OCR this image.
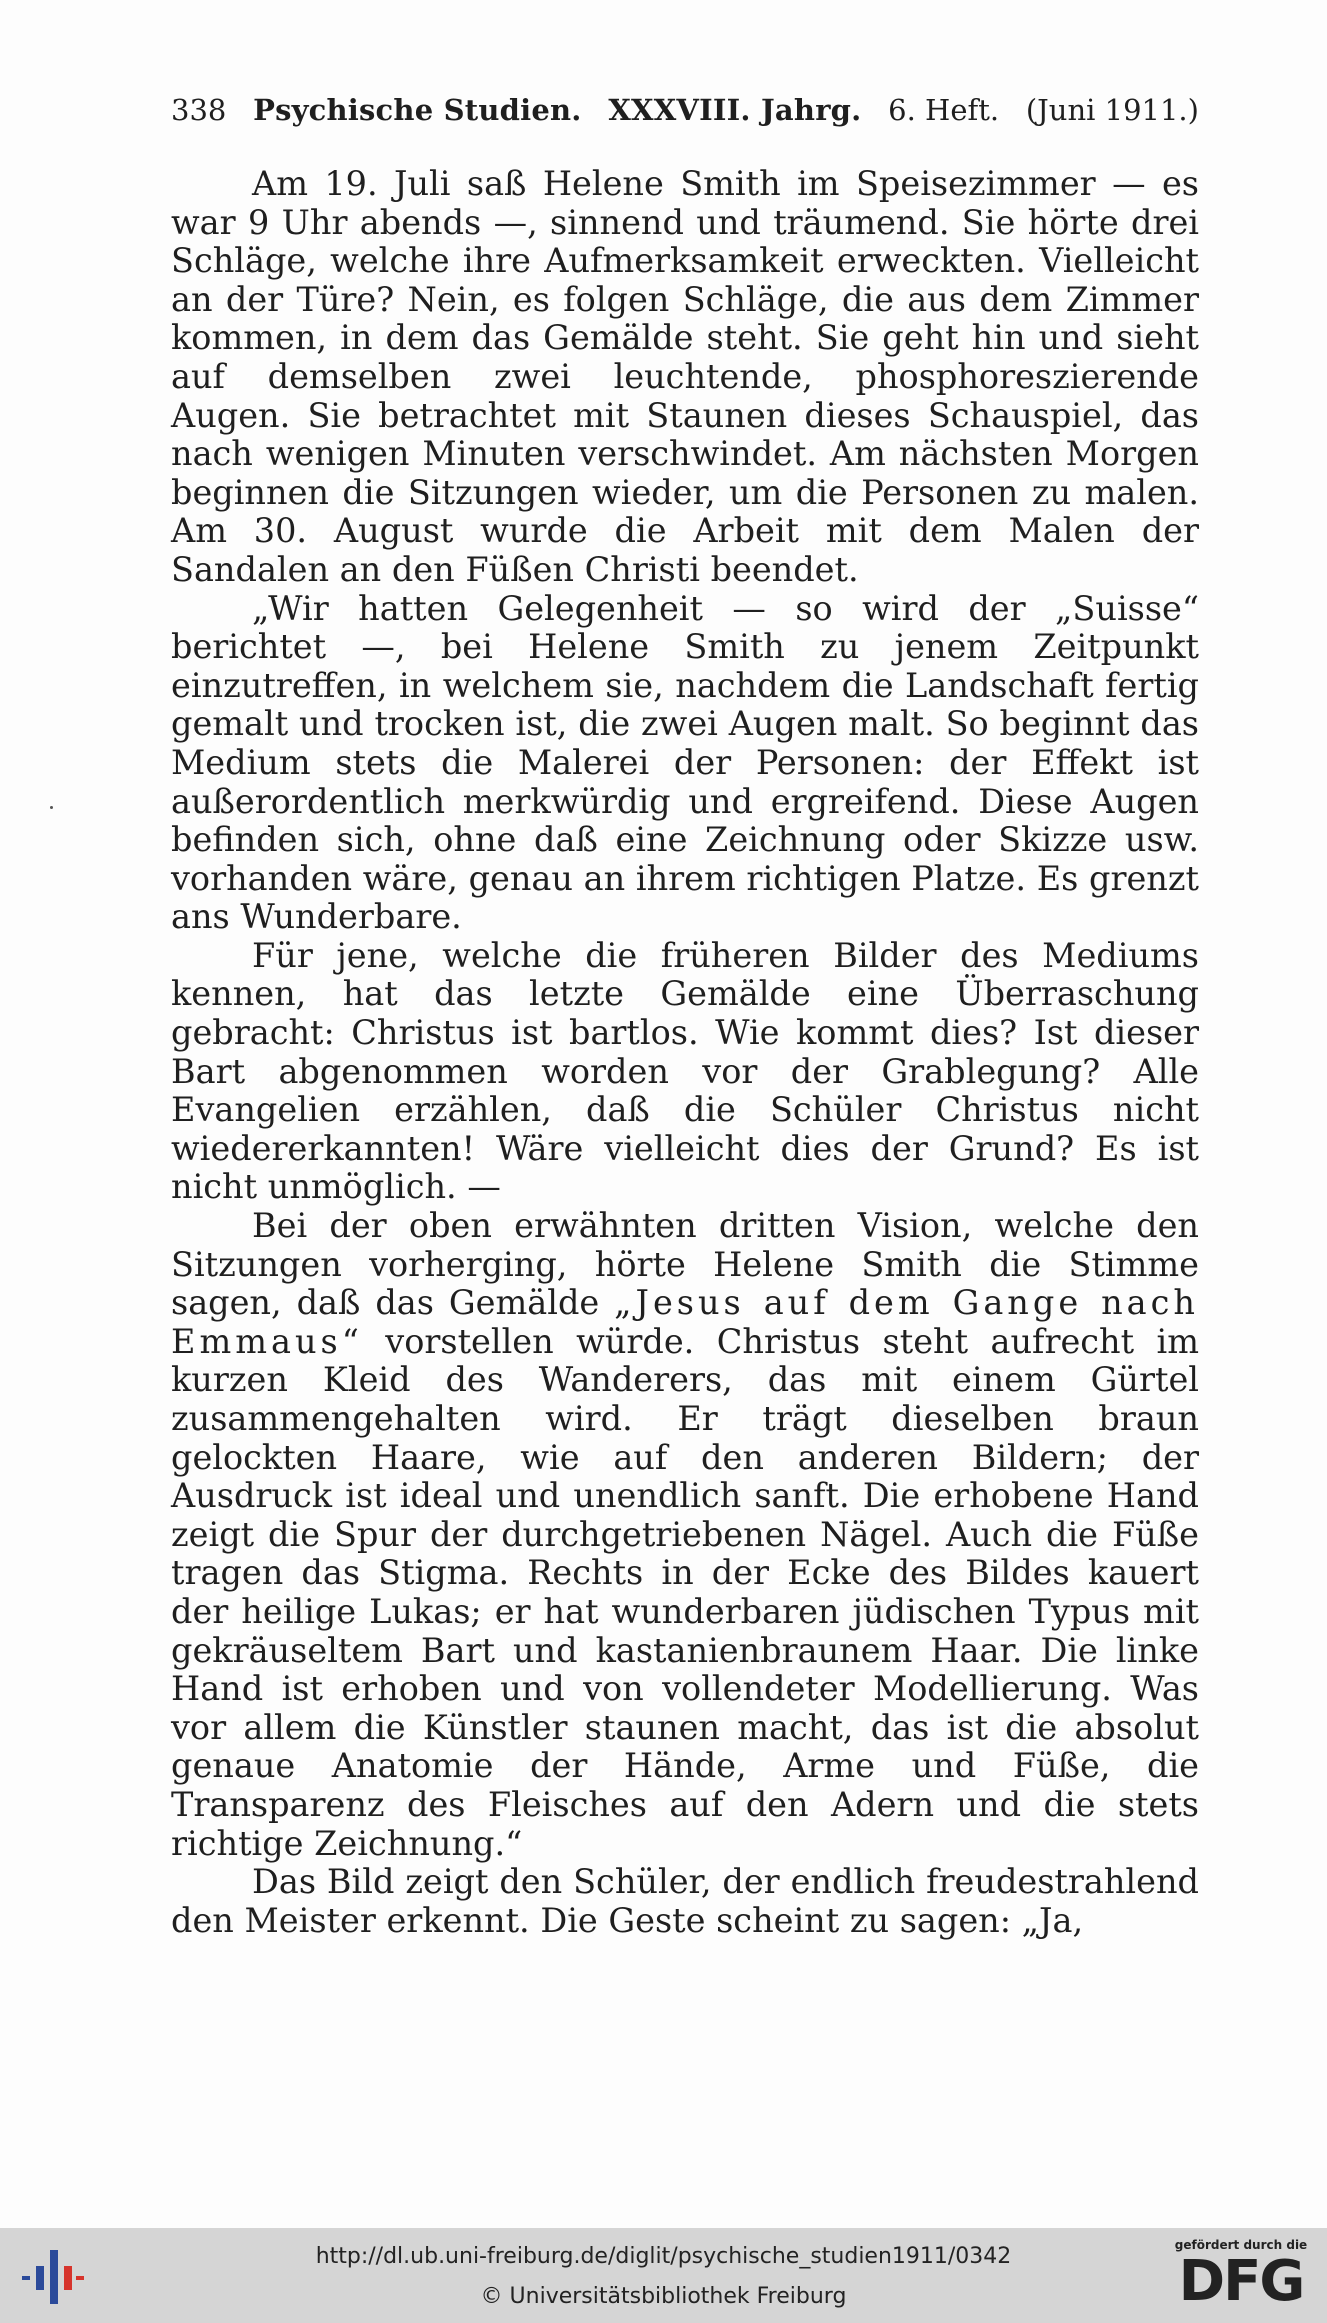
338 Psychische Studien. XXXVIII. Jahrg. 6. Heft. (Juni 1911.)

Am 19. Juli saß Helene Smith im Speisezimmer — es war 9 Uhr abends —, sinnend und träumend. Sie hörte drei Schläge, welche ihre Aufmerksamkeit erweckten. Vielleicht an der Türe? Nein, es folgen Schläge, die aus dem Zimmer kommen, in dem das Gemälde steht. Sie geht hin und sieht auf demselben zwei leuchtende, phosphoreszierende Augen. Sie betrachtet mit Staunen dieses Schauspiel, das nach wenigen Minuten verschwindet. Am nächsten Morgen beginnen die Sitzungen wieder, um die Personen zu malen. Am 30. August wurde die Arbeit mit dem Malen der Sandalen an den Füßen Christi beendet.

„Wir hatten Gelegenheit — so wird der „Suisse“ berichtet —, bei Helene Smith zu jenem Zeitpunkt einzutreffen, in welchem sie, nachdem die Landschaft fertig gemalt und trocken ist, die zwei Augen malt. So beginnt das Medium stets die Malerei der Personen: der Effekt ist außerordentlich merkwürdig und ergreifend. Diese Augen befinden sich, ohne daß eine Zeichnung oder Skizze usw. vorhanden wäre, genau an ihrem richtigen Platze. Es grenzt ans Wunderbare.

Für jene, welche die früheren Bilder des Mediums kennen, hat das letzte Gemälde eine Überraschung gebracht: Christus ist bartlos. Wie kommt dies? Ist dieser Bart abgenommen worden vor der Grablegung? Alle Evangelien erzählen, daß die Schüler Christus nicht wiedererkannten! Wäre vielleicht dies der Grund? Es ist nicht unmöglich. —

Bei der oben erwähnten dritten Vision, welche den Sitzungen vorherging, hörte Helene Smith die Stimme sagen, daß das Gemälde „Jesus auf dem Gange nach Emmaus“ vorstellen würde. Christus steht aufrecht im kurzen Kleid des Wanderers, das mit einem Gürtel zusammengehalten wird. Er trägt dieselben braun gelockten Haare, wie auf den anderen Bildern; der Ausdruck ist ideal und unendlich sanft. Die erhobene Hand zeigt die Spur der durchgetriebenen Nägel. Auch die Füße tragen das Stigma. Rechts in der Ecke des Bildes kauert der heilige Lukas; er hat wunderbaren jüdischen Typus mit gekräuseltem Bart und kastanienbraunem Haar. Die linke Hand ist erhoben und von vollendeter Modellierung. Was vor allem die Künstler staunen macht, das ist die absolut genaue Anatomie der Hände, Arme und Füße, die Transparenz des Fleisches auf den Adern und die stets richtige Zeichnung.“

Das Bild zeigt den Schüler, der endlich freudestrahlend den Meister erkennt. Die Geste scheint zu sagen: „Ja,

http://dl.ub.uni-freiburg.de/diglit/psychische_studien1911/0342
© Universitätsbibliothek Freiburg
gefördert durch die
DFG
